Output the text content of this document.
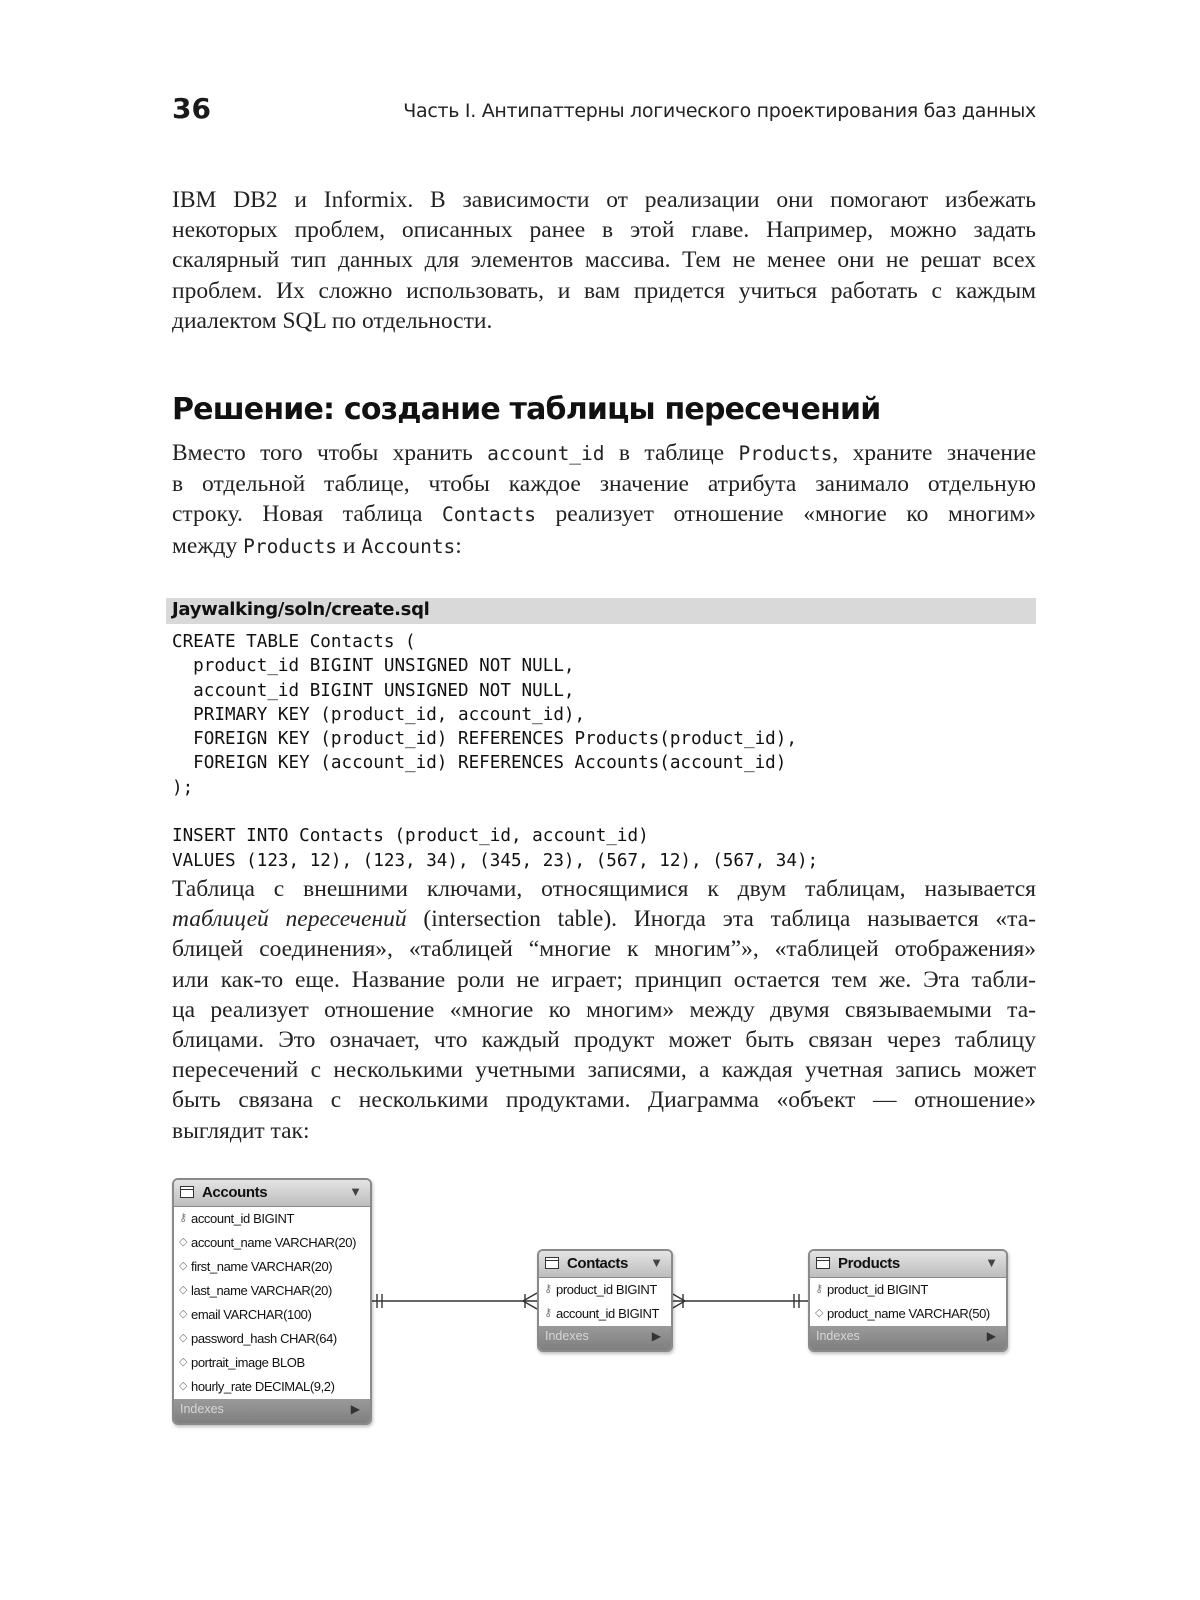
36	Часть I. Антипаттерны логического проектирования баз данных
IBM DB2 и Informix. В зависимости от реализации они помогают избежать
некоторых проблем, описанных ранее в этой главе. Например, можно задать
скалярный тип данных для элементов массива. Тем не менее они не решат всех
проблем. Их сложно использовать, и вам придется учиться работать с каждым
диалектом SQL по отдельности.
Решение: создание таблицы пересечений
Вместо того чтобы хранить account_id в таблице Products, храните значение
в отдельной таблице, чтобы каждое значение атрибута занимало отдельную
строку. Новая таблица Contacts реализует отношение «многие ко многим»
между Products и Accounts:
Jaywalking/soln/create.sql
CREATE TABLE Contacts (
product_id BIGINT UNSIGNED NOT NULL,
account_id BIGINT UNSIGNED NOT NULL,
PRIMARY KEY (product_id, account_id),
FOREIGN KEY (product_id) REFERENCES Products(product_id),
FOREIGN KEY (account_id) REFERENCES Accounts(account_id)
);

INSERT INTO Contacts (product_id, account_id)
VALUES (123, 12), (123, 34), (345, 23), (567, 12), (567, 34);
Таблица с внешними ключами, относящимися к двум таблицам, называется
таблицей пересечений (intersection table). Иногда эта таблица называется «та-
блицей соединения», «таблицей “многие к многим”», «таблицей отображения»
или как-то еще. Название роли не играет; принцип остается тем же. Эта табли-
ца реализует отношение «многие ко многим» между двумя связываемыми та-
блицами. Это означает, что каждый продукт может быть связан через таблицу
пересечений с несколькими учетными записями, а каждая учетная запись может
быть связана с несколькими продуктами. Диаграмма «объект — отношение»
выглядит так:
Accounts	▼
⚷ account_id BIGINT
◇ account_name VARCHAR(20)
◇ first_name VARCHAR(20)
◇ last_name VARCHAR(20)
◇ email VARCHAR(100)
◇ password_hash CHAR(64)
◇ portrait_image BLOB
◇ hourly_rate DECIMAL(9,2)
Indexes	▶
Contacts ▼
⚷ product_id BIGINT
⚷ account_id BIGINT
Indexes	▶
Products	▼
⚷ product_id BIGINT
◇ product_name VARCHAR(50)
Indexes	▶
